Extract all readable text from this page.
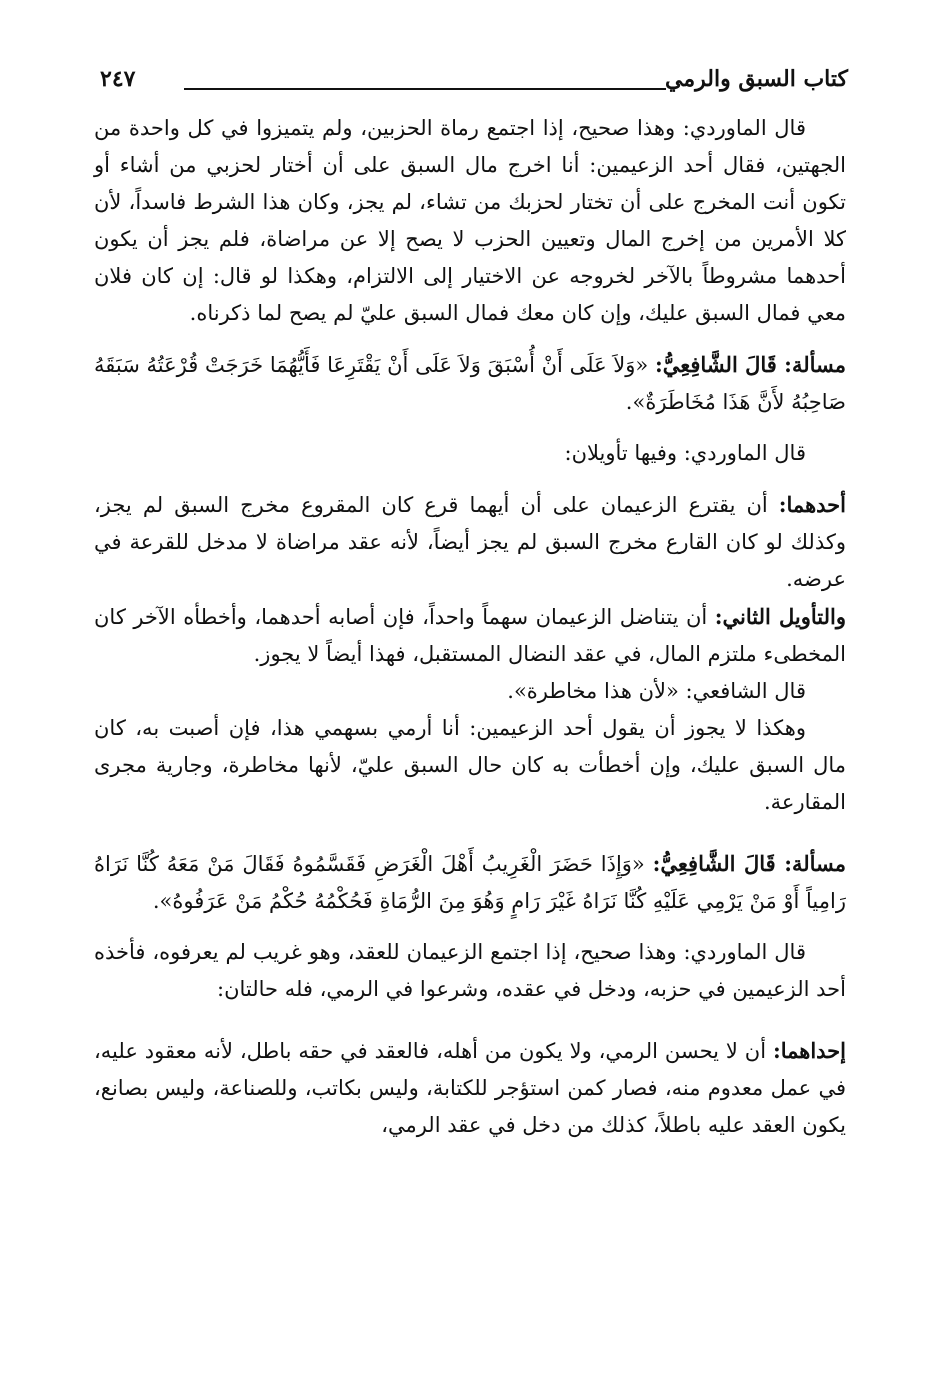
كتاب السبق والرمي
٢٤٧

قال الماوردي: وهذا صحيح، إذا اجتمع رماة الحزبين، ولم يتميزوا في كل واحدة من الجهتين، فقال أحد الزعيمين: أنا اخرج مال السبق على أن أختار لحزبي من أشاء أو تكون أنت المخرج على أن تختار لحزبك من تشاء، لم يجز، وكان هذا الشرط فاسداً، لأن كلا الأمرين من إخرج المال وتعيين الحزب لا يصح إلا عن مراضاة، فلم يجز أن يكون أحدهما مشروطاً بالآخر لخروجه عن الاختيار إلى الالتزام، وهكذا لو قال: إن كان فلان معي فمال السبق عليك، وإن كان معك فمال السبق عليّ لم يصح لما ذكرناه.

مسألة: قَالَ الشَّافِعِيُّ: «وَلاَ عَلَى أَنْ أُسْبَقَ وَلاَ عَلَى أَنْ يَقْتَرِعَا فَأَيُّهُمَا خَرَجَتْ قُرْعَتُهُ سَبَقَهُ صَاحِبُهُ لأَنَّ هَذَا مُخَاطَرَةٌ».

قال الماوردي: وفيها تأويلان:

أحدهما: أن يقترع الزعيمان على أن أيهما قرع كان المقروع مخرج السبق لم يجز، وكذلك لو كان القارع مخرج السبق لم يجز أيضاً، لأنه عقد مراضاة لا مدخل للقرعة في عرضه.

والتأويل الثاني: أن يتناضل الزعيمان سهماً واحداً، فإن أصابه أحدهما، وأخطأه الآخر كان المخطىء ملتزم المال، في عقد النضال المستقبل، فهذا أيضاً لا يجوز.

قال الشافعي: «لأن هذا مخاطرة».

وهكذا لا يجوز أن يقول أحد الزعيمين: أنا أرمي بسهمي هذا، فإن أصبت به، كان مال السبق عليك، وإن أخطأت به كان حال السبق عليّ، لأنها مخاطرة، وجارية مجرى المقارعة.

مسألة: قَالَ الشَّافِعِيُّ: «وَإِذَا حَضَرَ الْغَرِيبُ أَهْلَ الْغَرَضِ فَقَسَّمُوهُ فَقَالَ مَنْ مَعَهُ كُنَّا نَرَاهُ رَامِياً أَوْ مَنْ يَرْمِي عَلَيْهِ كُنَّا نَرَاهُ غَيْرَ رَامٍ وَهُوَ مِنَ الرُّمَاةِ فَحُكْمُهُ حُكْمُ مَنْ عَرَفُوهُ».

قال الماوردي: وهذا صحيح، إذا اجتمع الزعيمان للعقد، وهو غريب لم يعرفوه، فأخذه أحد الزعيمين في حزبه، ودخل في عقده، وشرعوا في الرمي، فله حالتان:

إحداهما: أن لا يحسن الرمي، ولا يكون من أهله، فالعقد في حقه باطل، لأنه معقود عليه، في عمل معدوم منه، فصار كمن استؤجر للكتابة، وليس بكاتب، وللصناعة، وليس بصانع، يكون العقد عليه باطلاً، كذلك من دخل في عقد الرمي،
